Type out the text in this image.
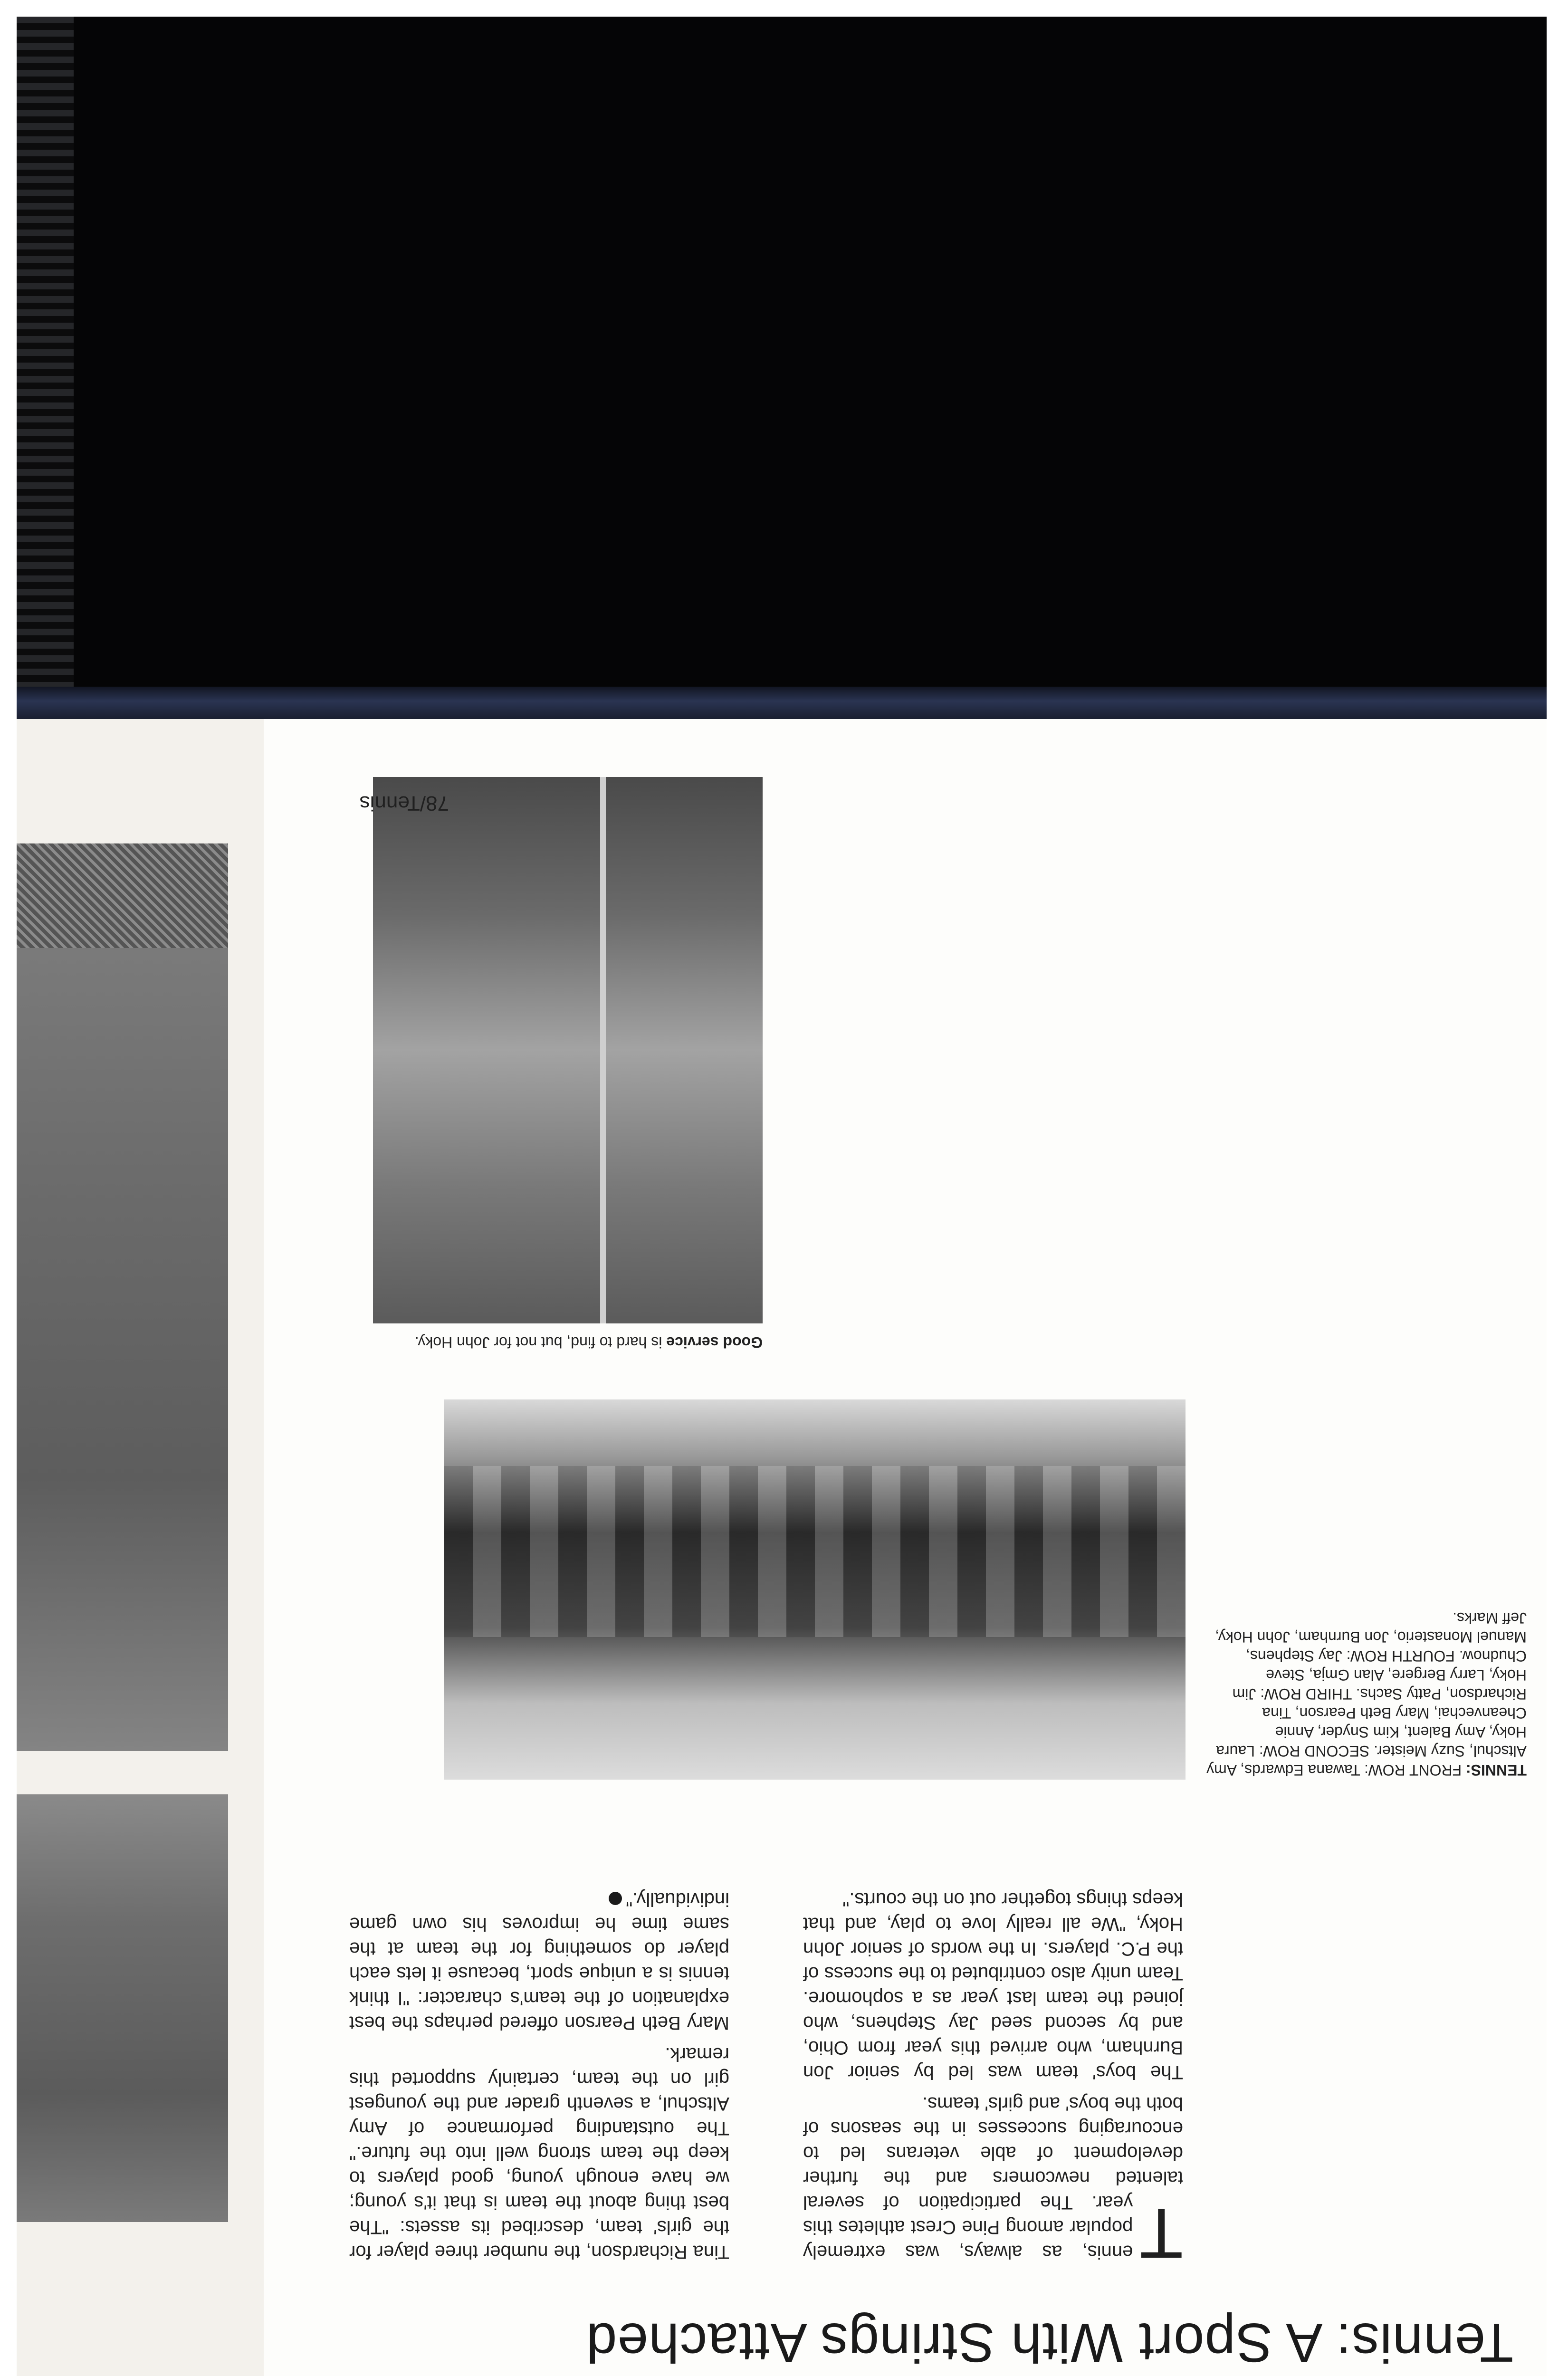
Tennis: A Sport With Strings Attached

T
ennis, as always, was extremely popular among Pine Crest athletes this year. The participation of several talented newcomers and the further development of able veterans led to encouraging successes in the seasons of both the boys' and girls' teams.

The boys' team was led by senior Jon Burnham, who arrived this year from Ohio, and by second seed Jay Stephens, who joined the team last year as a sophomore. Team unity also contributed to the success of the P.C. players. In the words of senior John Hoky, "We all really love to play, and that keeps things together out on the courts."

Tina Richardson, the number three player for the girls' team, described its assets: "The best thing about the team is that it's young; we have enough young, good players to keep the team strong well into the future." The outstanding performance of Amy Altschul, a seventh grader and the youngest girl on the team, certainly supported this remark.

Mary Beth Pearson offered perhaps the best explanation of the team's character: "I think tennis is a unique sport, because it lets each player do something for the team at the same time he improves his own game individually."

TENNIS: FRONT ROW: Tawana Edwards, Amy Altschul, Suzy Meister. SECOND ROW: Laura Hoky, Amy Balent, Kim Snyder, Annie Cheanvechai, Mary Beth Pearson, Tina Richardson, Patty Sachs. THIRD ROW: Jim Hoky, Larry Bergere, Alan Gmja, Steve Chudnow. FOURTH ROW: Jay Stephens, Manuel Monasterio, Jon Burnham, John Hoky, Jeff Marks.
Good service is hard to find, but not for John Hoky.
78/Tennis
